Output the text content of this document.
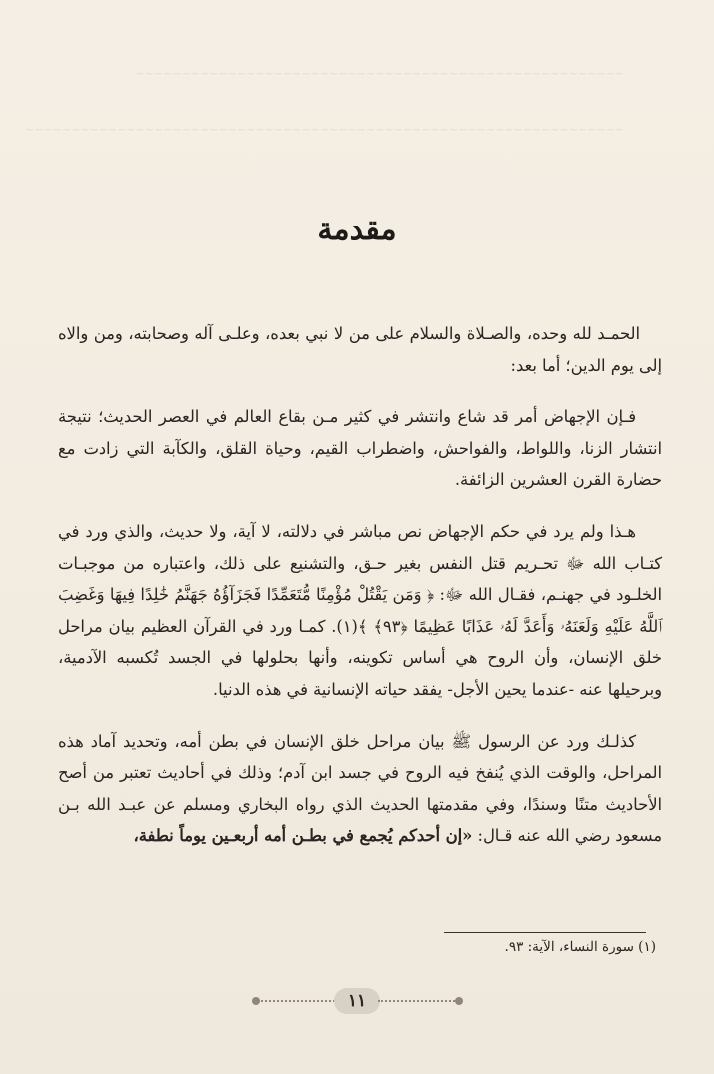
~~~~~~~~~~~~~~~~~~~~~~~~~~~~~~~~~~~~~~~~~~~~~~~~~~~~~
~~~~~~~~~~~~~~~~~~~~~~~~~~~~~~~~~~~~~~~~~~~~~~~~~~~~~~~~~~~~~~~~~
مقدمة

الحمـد لله وحده، والصـلاة والسلام على من لا نبي بعده، وعلـى آله وصحابته، ومن والاه إلى يوم الدين؛ أما بعد:

فـإن الإجهاض أمر قد شاع وانتشر في كثير مـن بقاع العالم في العصر الحديث؛ نتيجة انتشار الزنا، واللواط، والفواحش، واضطراب القيم، وحياة القلق، والكآبة التي زادت مع حضارة القرن العشرين الزائفة.

هـذا ولم يرد في حكم الإجهاض نص مباشر في دلالته، لا آية، ولا حديث، والذي ورد في كتـاب الله ﷻ تحـريم قتل النفس بغير حـق، والتشنيع على ذلك، واعتباره من موجبـات الخلـود في جهنـم، فقـال الله ﷻ: ﴿ وَمَن يَقْتُلْ مُؤْمِنًا مُّتَعَمِّدًا فَجَزَآؤُهُ جَهَنَّمُ خَٰلِدًا فِيهَا وَغَضِبَ ٱللَّهُ عَلَيْهِ وَلَعَنَهُۥ وَأَعَدَّ لَهُۥ عَذَابًا عَظِيمًا ﴿٩٣﴾ ﴾(١). كمـا ورد في القرآن العظيم بيان مراحل خلق الإنسان، وأن الروح هي أساس تكوينه، وأنها بحلولها في الجسد تُكسبه الآدمية، وبرحيلها عنه -عندما يحين الأجل- يفقد حياته الإنسانية في هذه الدنيا.

كذلـك ورد عن الرسول ﷺ بيان مراحل خلق الإنسان في بطن أمه، وتحديد آماد هذه المراحل، والوقت الذي يُنفخ فيه الروح في جسد ابن آدم؛ وذلك في أحاديث تعتبر من أصح الأحاديث متنًا وسندًا، وفي مقدمتها الحديث الذي رواه البخاري ومسلم عن عبـد الله بـن مسعود رضي الله عنه قـال: «إن أحدكم يُجمع في بطـن أمه أربعـين يوماً نطفة،

(١) سورة النساء، الآية: ٩٣.
١١
